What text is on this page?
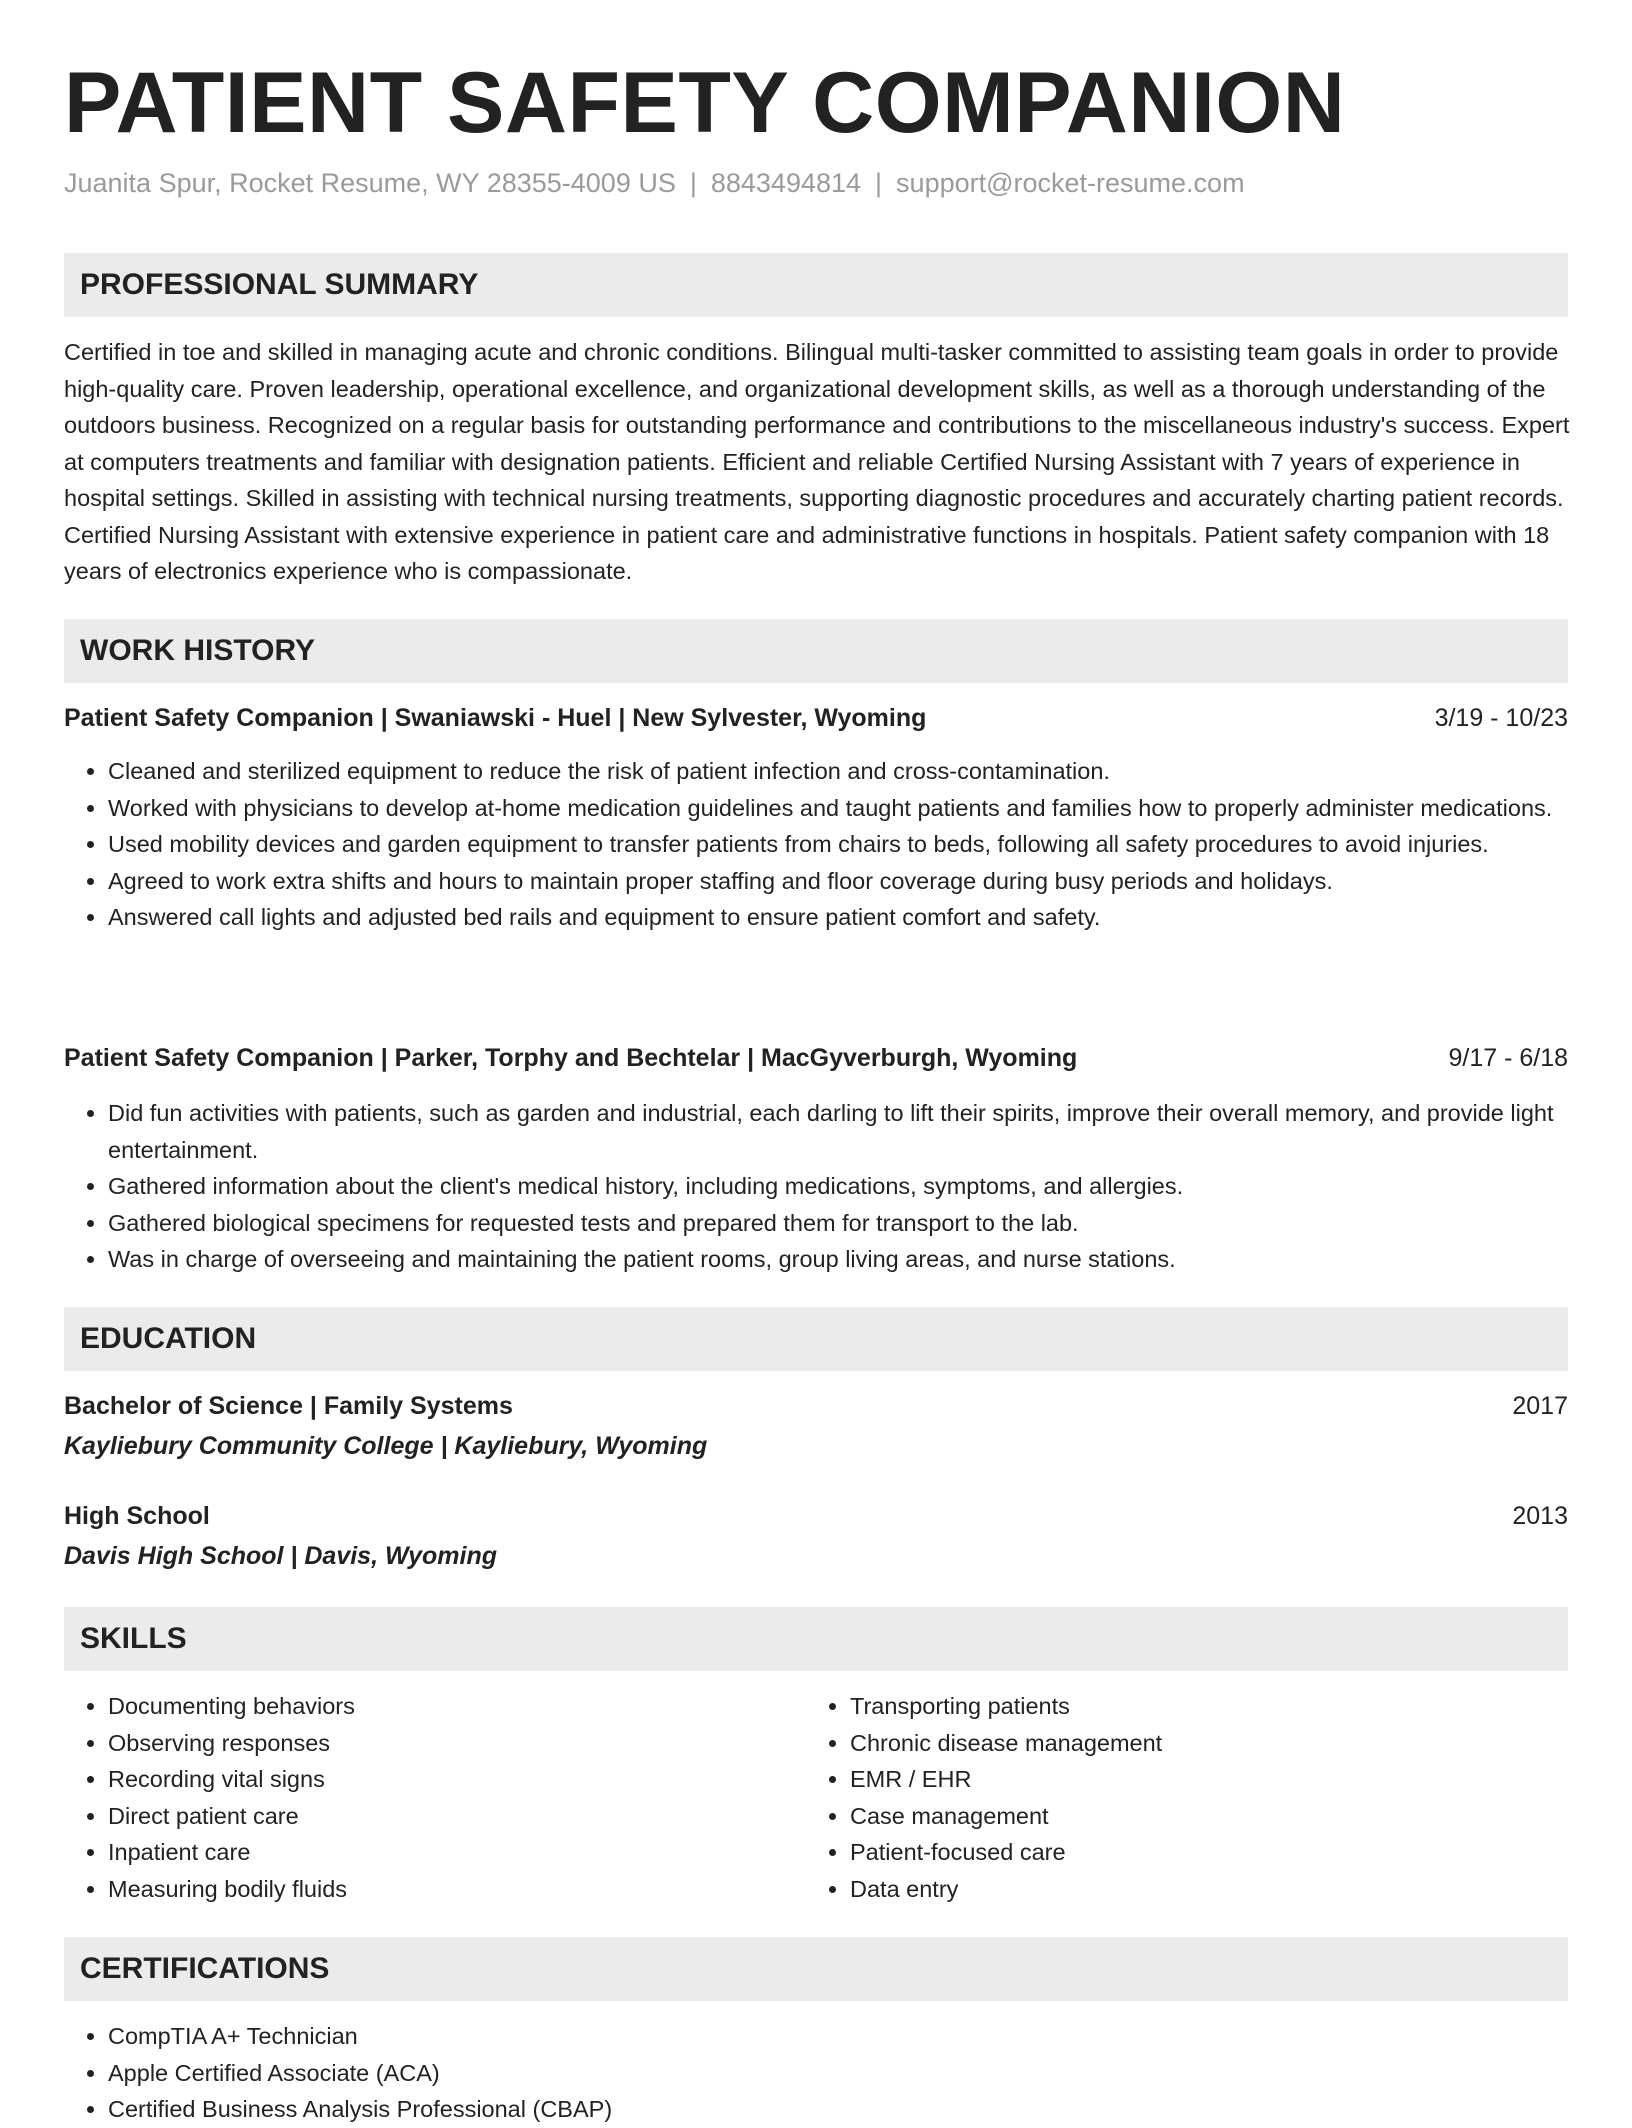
PATIENT SAFETY COMPANION
Juanita Spur, Rocket Resume, WY 28355-4009 US | 8843494814 | support@rocket-resume.com
PROFESSIONAL SUMMARY
Certified in toe and skilled in managing acute and chronic conditions. Bilingual multi-tasker committed to assisting team goals in order to provide high-quality care. Proven leadership, operational excellence, and organizational development skills, as well as a thorough understanding of the outdoors business. Recognized on a regular basis for outstanding performance and contributions to the miscellaneous industry's success. Expert at computers treatments and familiar with designation patients. Efficient and reliable Certified Nursing Assistant with 7 years of experience in hospital settings. Skilled in assisting with technical nursing treatments, supporting diagnostic procedures and accurately charting patient records. Certified Nursing Assistant with extensive experience in patient care and administrative functions in hospitals. Patient safety companion with 18 years of electronics experience who is compassionate.
WORK HISTORY
Patient Safety Companion | Swaniawski - Huel | New Sylvester, Wyoming	3/19 - 10/23
• Cleaned and sterilized equipment to reduce the risk of patient infection and cross-contamination.
• Worked with physicians to develop at-home medication guidelines and taught patients and families how to properly administer medications.
• Used mobility devices and garden equipment to transfer patients from chairs to beds, following all safety procedures to avoid injuries.
• Agreed to work extra shifts and hours to maintain proper staffing and floor coverage during busy periods and holidays.
• Answered call lights and adjusted bed rails and equipment to ensure patient comfort and safety.
Patient Safety Companion | Parker, Torphy and Bechtelar | MacGyverburgh, Wyoming	9/17 - 6/18
• Did fun activities with patients, such as garden and industrial, each darling to lift their spirits, improve their overall memory, and provide light entertainment.
• Gathered information about the client's medical history, including medications, symptoms, and allergies.
• Gathered biological specimens for requested tests and prepared them for transport to the lab.
• Was in charge of overseeing and maintaining the patient rooms, group living areas, and nurse stations.
EDUCATION
Bachelor of Science | Family Systems	2017
Kayliebury Community College | Kayliebury, Wyoming
High School	2013
Davis High School | Davis, Wyoming
SKILLS
• Documenting behaviors
• Observing responses
• Recording vital signs
• Direct patient care
• Inpatient care
• Measuring bodily fluids
• Transporting patients
• Chronic disease management
• EMR / EHR
• Case management
• Patient-focused care
• Data entry
CERTIFICATIONS
• CompTIA A+ Technician
• Apple Certified Associate (ACA)
• Certified Business Analysis Professional (CBAP)
